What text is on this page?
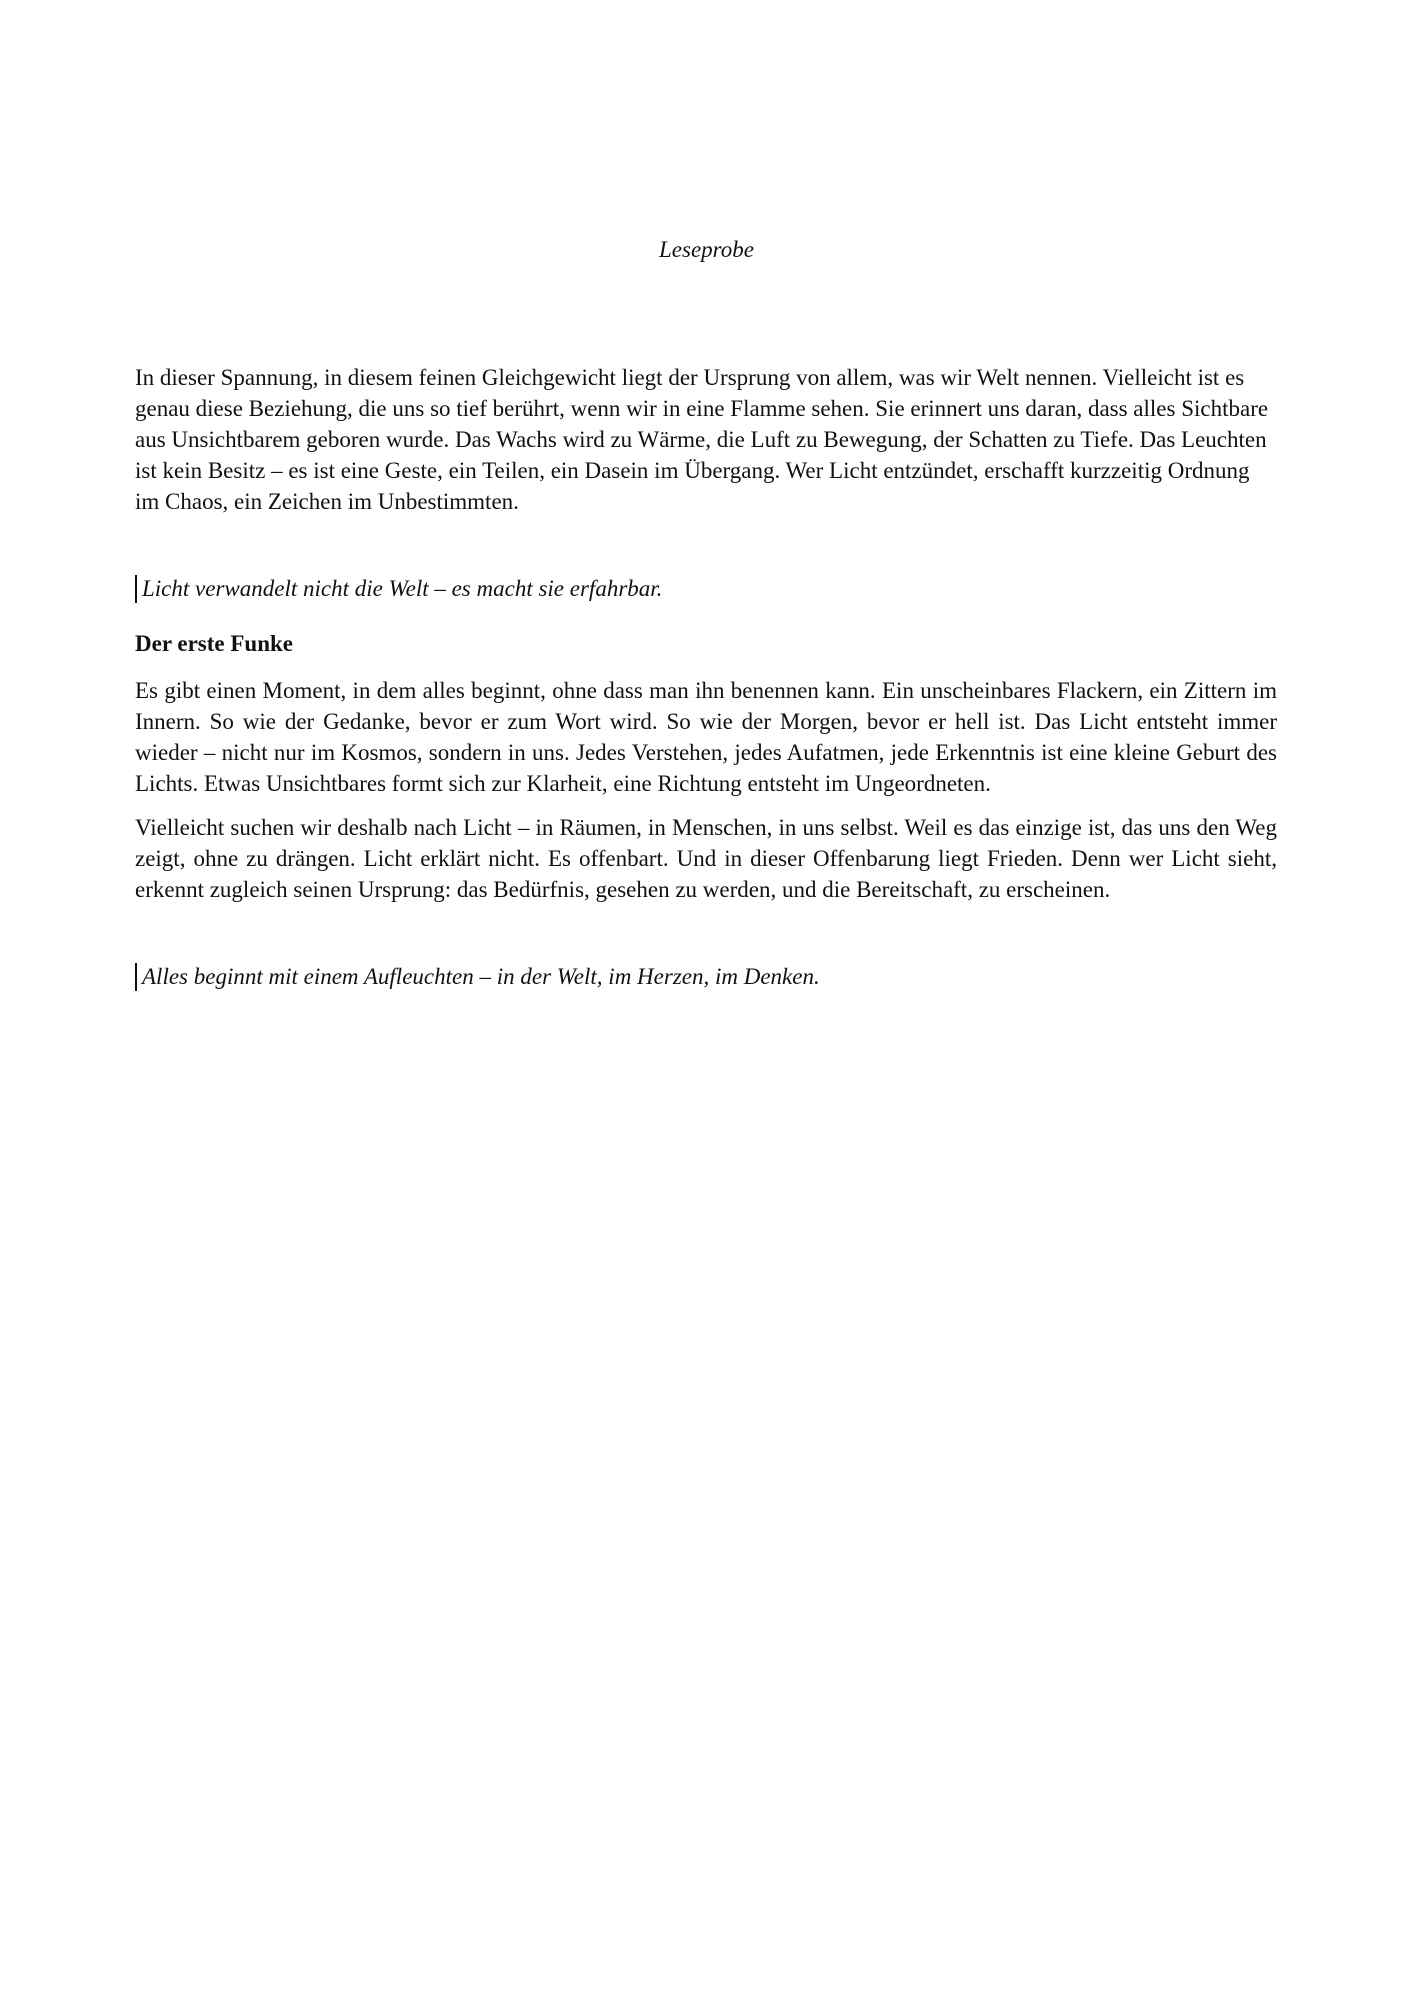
Leseprobe

In dieser Spannung, in diesem feinen Gleichgewicht liegt der Ursprung von allem, was wir Welt nennen. Vielleicht ist es genau diese Beziehung, die uns so tief berührt, wenn wir in eine Flamme sehen. Sie erinnert uns daran, dass alles Sichtbare aus Unsichtbarem geboren wurde. Das Wachs wird zu Wärme, die Luft zu Bewegung, der Schatten zu Tiefe. Das Leuchten ist kein Besitz – es ist eine Geste, ein Teilen, ein Dasein im Übergang. Wer Licht entzündet, erschafft kurzzeitig Ordnung im Chaos, ein Zeichen im Unbestimmten.

Licht verwandelt nicht die Welt – es macht sie erfahrbar.
Der erste Funke

Es gibt einen Moment, in dem alles beginnt, ohne dass man ihn benennen kann. Ein unscheinbares Flackern, ein Zittern im Innern. So wie der Gedanke, bevor er zum Wort wird. So wie der Morgen, bevor er hell ist. Das Licht entsteht immer wieder – nicht nur im Kosmos, sondern in uns. Jedes Verstehen, jedes Aufatmen, jede Erkenntnis ist eine kleine Geburt des Lichts. Etwas Unsichtbares formt sich zur Klarheit, eine Richtung entsteht im Ungeordneten.

Vielleicht suchen wir deshalb nach Licht – in Räumen, in Menschen, in uns selbst. Weil es das einzige ist, das uns den Weg zeigt, ohne zu drängen. Licht erklärt nicht. Es offenbart. Und in dieser Offenbarung liegt Frieden. Denn wer Licht sieht, erkennt zugleich seinen Ursprung: das Bedürfnis, gesehen zu werden, und die Bereitschaft, zu erscheinen.

Alles beginnt mit einem Aufleuchten – in der Welt, im Herzen, im Denken.
